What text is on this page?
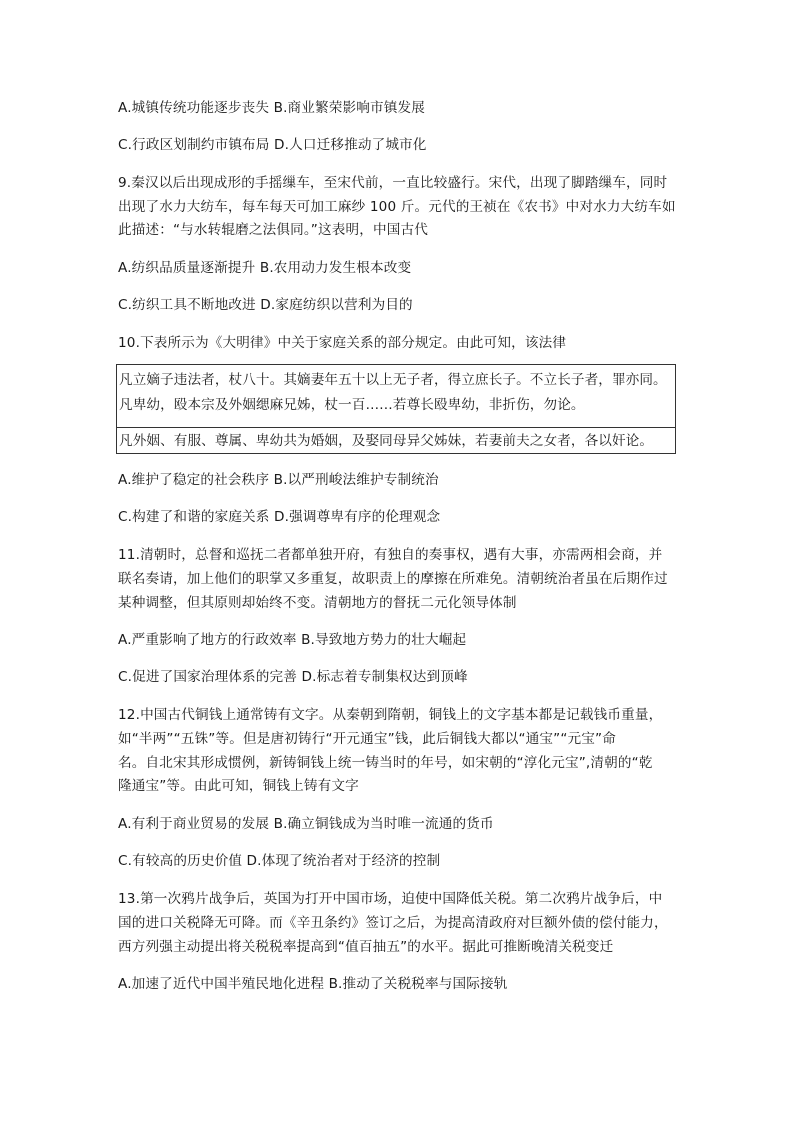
A.城镇传统功能逐步丧失 B.商业繁荣影响市镇发展
C.行政区划制约市镇布局 D.人口迁移推动了城市化
9.秦汉以后出现成形的手摇缫车，至宋代前，一直比较盛行。宋代，出现了脚踏缫车，同时
出现了水力大纺车，每车每天可加工麻纱 100 斤。元代的王祯在《农书》中对水力大纺车如
此描述：“与水转辊磨之法俱同。”这表明，中国古代
A.纺织品质量逐渐提升 B.农用动力发生根本改变
C.纺织工具不断地改进 D.家庭纺织以营利为目的
10.下表所示为《大明律》中关于家庭关系的部分规定。由此可知，该法律
凡立嫡子违法者，杖八十。其嫡妻年五十以上无子者，得立庶长子。不立长子者，罪亦同。
凡卑幼，殴本宗及外姻缌麻兄姊，杖一百……若尊长殴卑幼，非折伤，勿论。
凡外姻、有服、尊属、卑幼共为婚姻，及娶同母异父姊妹，若妻前夫之女者，各以奸论。
A.维护了稳定的社会秩序 B.以严刑峻法维护专制统治
C.构建了和谐的家庭关系 D.强调尊卑有序的伦理观念
11.清朝时，总督和巡抚二者都单独开府，有独自的奏事权，遇有大事，亦需两相会商，并
联名奏请，加上他们的职掌又多重复，故职责上的摩擦在所难免。清朝统治者虽在后期作过
某种调整，但其原则却始终不变。清朝地方的督抚二元化领导体制
A.严重影响了地方的行政效率 B.导致地方势力的壮大崛起
C.促进了国家治理体系的完善 D.标志着专制集权达到顶峰
12.中国古代铜钱上通常铸有文字。从秦朝到隋朝，铜钱上的文字基本都是记载钱币重量，
如“半两”“五铢”等。但是唐初铸行“开元通宝”钱，此后铜钱大都以“通宝”“元宝”命
名。自北宋其形成惯例，新铸铜钱上统一铸当时的年号，如宋朝的“淳化元宝”,清朝的“乾
隆通宝”等。由此可知，铜钱上铸有文字
A.有利于商业贸易的发展 B.确立铜钱成为当时唯一流通的货币
C.有较高的历史价值 D.体现了统治者对于经济的控制
13.第一次鸦片战争后，英国为打开中国市场，迫使中国降低关税。第二次鸦片战争后，中
国的进口关税降无可降。而《辛丑条约》签订之后，为提高清政府对巨额外债的偿付能力，
西方列强主动提出将关税税率提高到“值百抽五”的水平。据此可推断晚清关税变迁
A.加速了近代中国半殖民地化进程 B.推动了关税税率与国际接轨
